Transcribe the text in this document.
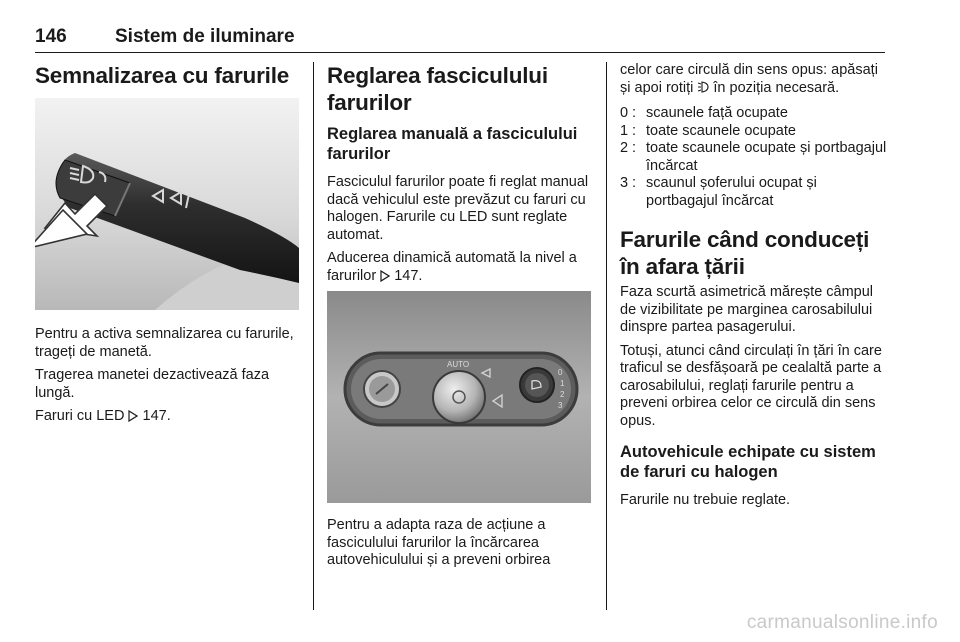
146	Sistem de iluminare
Semnalizarea cu farurile

Pentru a activa semnalizarea cu farurile, trageți de manetă.

Tragerea manetei dezactivează faza lungă.

Faruri cu LED 147.

Reglarea fasciculului farurilor
Reglarea manuală a fasciculului farurilor

Fasciculul farurilor poate fi reglat manual dacă vehiculul este prevăzut cu faruri cu halogen. Farurile cu LED sunt reglate automat.

Aducerea dinamică automată la nivel a farurilor 147.

AUTO
0
1
2
3

Pentru a adapta raza de acțiune a fasciculului farurilor la încărcarea autovehiculului și a preveni orbirea

celor care circulă din sens opus: apăsați și apoi rotiți în poziția necesară.

0 : scaunele față ocupate
1 : toate scaunele ocupate
2 : toate scaunele ocupate și portbagajul încărcat
3 : scaunul șoferului ocupat și portbagajul încărcat
Farurile când conduceți în afara țării

Faza scurtă asimetrică mărește câmpul de vizibilitate pe marginea carosabilului dinspre partea pasagerului.

Totuși, atunci când circulați în țări în care traficul se desfășoară pe cealaltă parte a carosabilului, reglați farurile pentru a preveni orbirea celor ce circulă din sens opus.

Autovehicule echipate cu sistem de faruri cu halogen

Farurile nu trebuie reglate.

carmanualsonline.info
